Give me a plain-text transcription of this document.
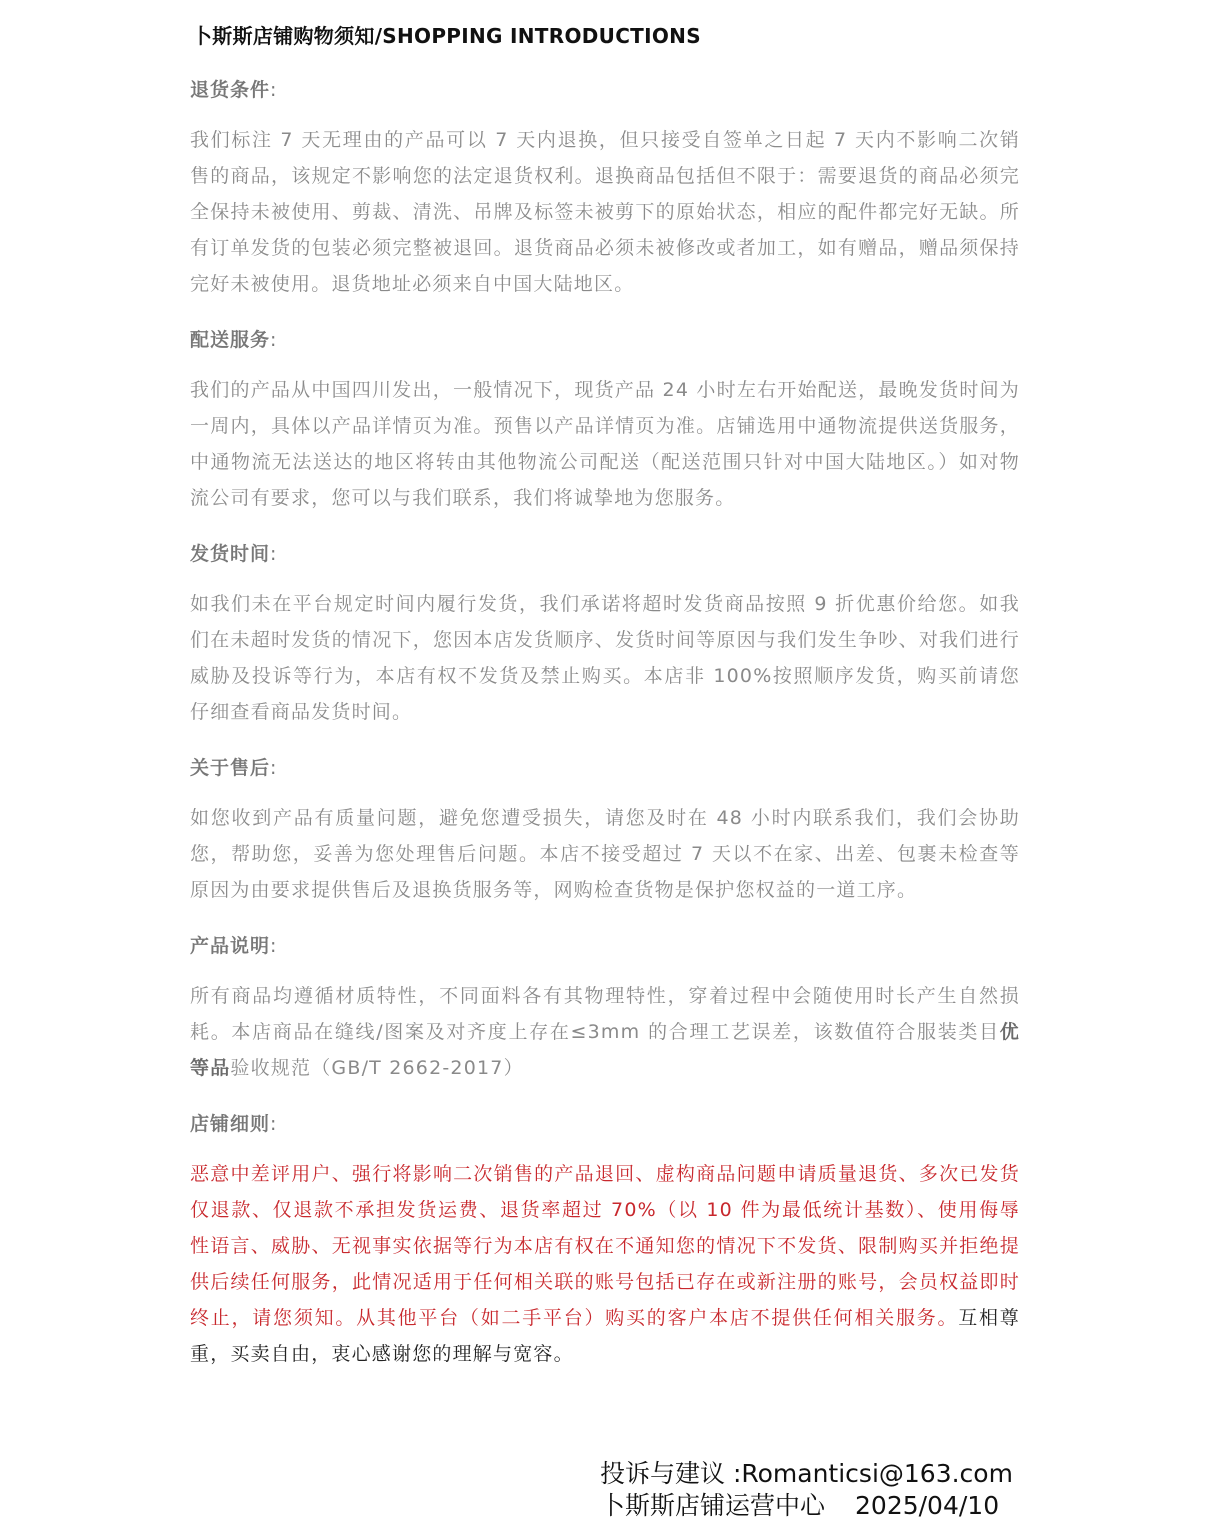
卜斯斯店铺购物须知/SHOPPING INTRODUCTIONS
退货条件:

我们标注 7 天无理由的产品可以 7 天内退换，但只接受自签单之日起 7 天内不影响二次销售的商品，该规定不影响您的法定退货权利。退换商品包括但不限于：需要退货的商品必须完全保持未被使用、剪裁、清洗、吊牌及标签未被剪下的原始状态，相应的配件都完好无缺。所有订单发货的包装必须完整被退回。退货商品必须未被修改或者加工，如有赠品，赠品须保持完好未被使用。退货地址必须来自中国大陆地区。

配送服务:

我们的产品从中国四川发出，一般情况下，现货产品 24 小时左右开始配送，最晚发货时间为一周内，具体以产品详情页为准。预售以产品详情页为准。店铺选用中通物流提供送货服务，中通物流无法送达的地区将转由其他物流公司配送（配送范围只针对中国大陆地区。）如对物流公司有要求，您可以与我们联系，我们将诚挚地为您服务。

发货时间:

如我们未在平台规定时间内履行发货，我们承诺将超时发货商品按照 9 折优惠价给您。如我们在未超时发货的情况下，您因本店发货顺序、发货时间等原因与我们发生争吵、对我们进行威胁及投诉等行为，本店有权不发货及禁止购买。本店非 100%按照顺序发货，购买前请您仔细查看商品发货时间。

关于售后:

如您收到产品有质量问题，避免您遭受损失，请您及时在 48 小时内联系我们，我们会协助您，帮助您，妥善为您处理售后问题。本店不接受超过 7 天以不在家、出差、包裹未检查等原因为由要求提供售后及退换货服务等，网购检查货物是保护您权益的一道工序。

产品说明:

所有商品均遵循材质特性，不同面料各有其物理特性，穿着过程中会随使用时长产生自然损耗。本店商品在缝线/图案及对齐度上存在≤3mm 的合理工艺误差，该数值符合服装类目优等品验收规范（GB/T 2662-2017）

店铺细则:

恶意中差评用户、强行将影响二次销售的产品退回、虚构商品问题申请质量退货、多次已发货仅退款、仅退款不承担发货运费、退货率超过 70%（以 10 件为最低统计基数）、使用侮辱性语言、威胁、无视事实依据等行为本店有权在不通知您的情况下不发货、限制购买并拒绝提供后续任何服务，此情况适用于任何相关联的账号包括已存在或新注册的账号，会员权益即时终止，请您须知。从其他平台（如二手平台）购买的客户本店不提供任何相关服务。互相尊重，买卖自由，衷心感谢您的理解与宽容。

投诉与建议 :Romanticsi@163.com
卜斯斯店铺运营中心 2025/04/10
